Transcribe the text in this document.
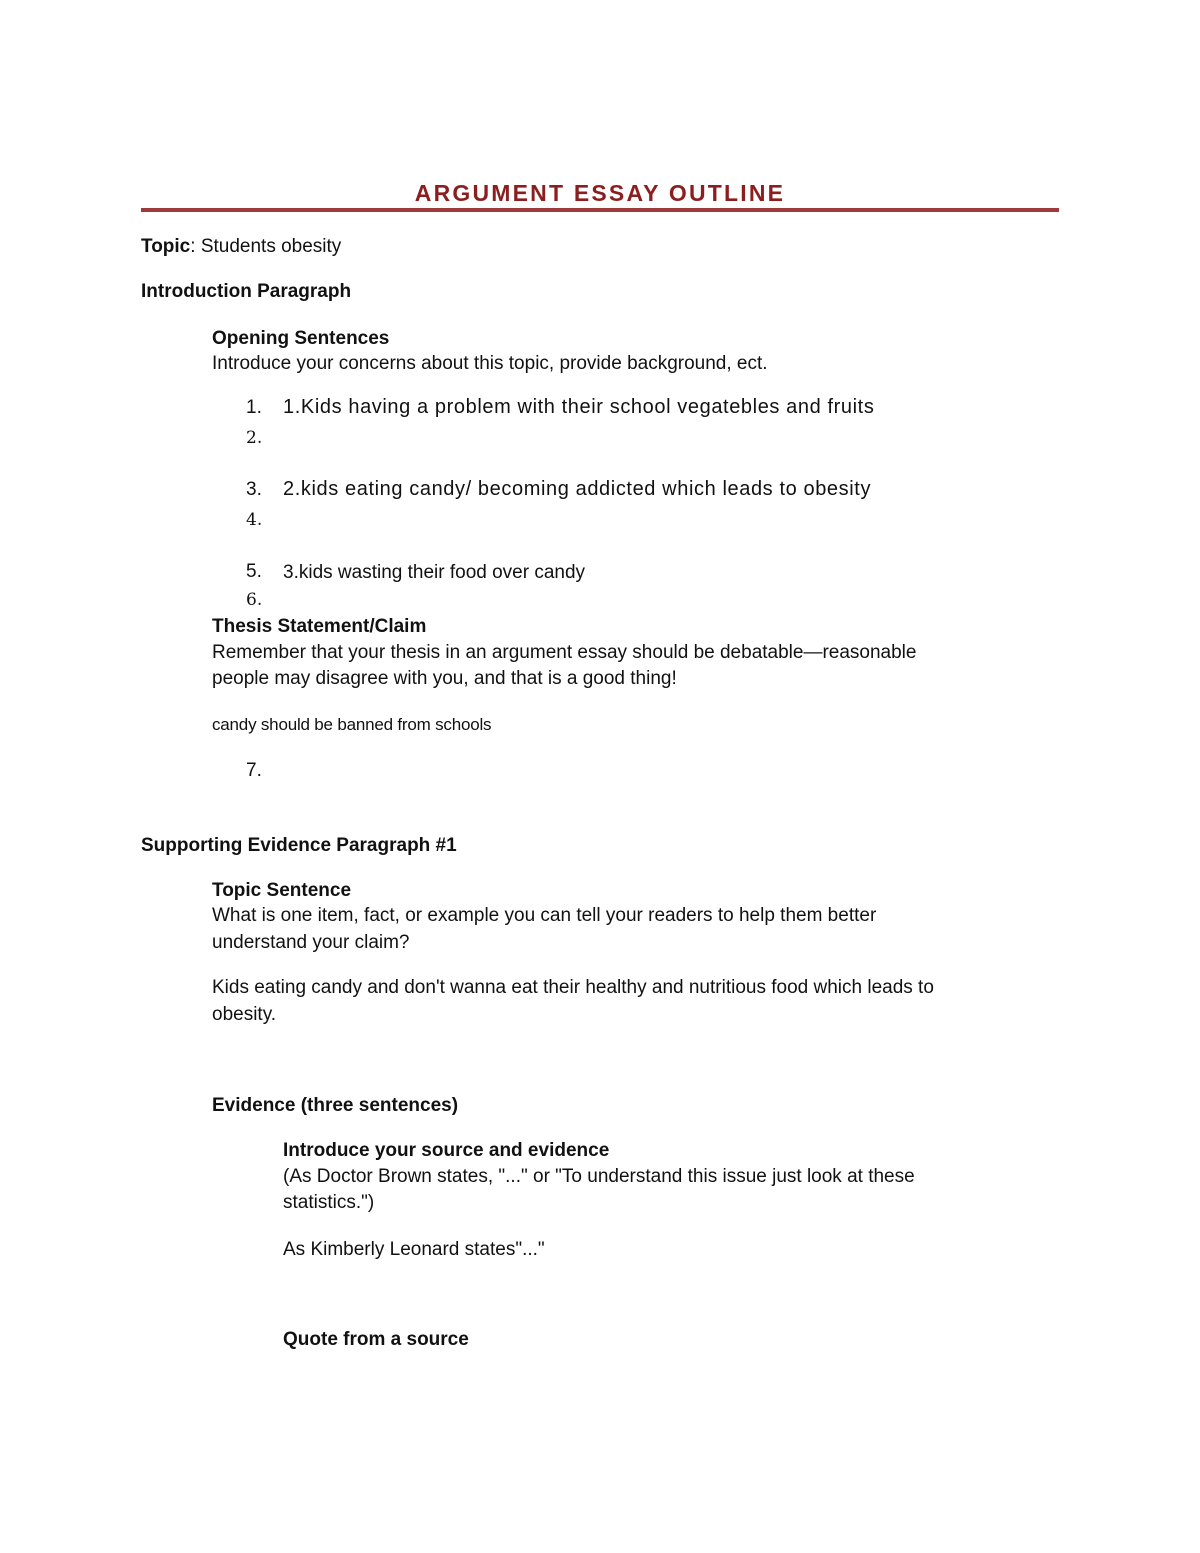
ARGUMENT ESSAY OUTLINE
Topic: Students obesity
Introduction Paragraph
Opening Sentences
Introduce your concerns about this topic, provide background, ect.
1. 1.Kids having a problem with their school vegatebles and fruits
2.
3. 2.kids eating candy/ becoming addicted which leads to obesity
4.
5. 3.kids wasting their food over candy
6.
Thesis Statement/Claim
Remember that your thesis in an argument essay should be debatable—reasonable
people may disagree with you, and that is a good thing!
candy should be banned from schools
7.
Supporting Evidence Paragraph #1
Topic Sentence
What is one item, fact, or example you can tell your readers to help them better
understand your claim?
Kids eating candy and don't wanna eat their healthy and nutritious food which leads to
obesity.
Evidence (three sentences)
Introduce your source and evidence
(As Doctor Brown states, "..." or "To understand this issue just look at these
statistics.")
As Kimberly Leonard states"..."
Quote from a source
